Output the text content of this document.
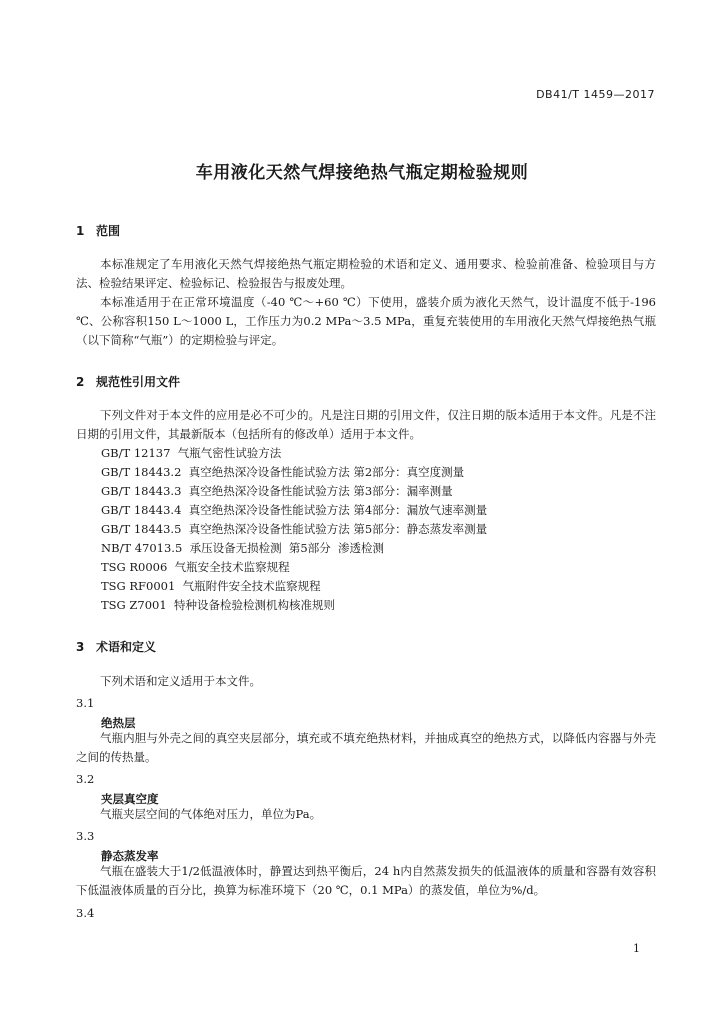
DB41/T 1459—2017
车用液化天然气焊接绝热气瓶定期检验规则
1 范围
本标准规定了车用液化天然气焊接绝热气瓶定期检验的术语和定义、通用要求、检验前准备、检验项目与方法、检验结果评定、检验标记、检验报告与报废处理。
本标准适用于在正常环境温度（-40 ℃～+60 ℃）下使用，盛装介质为液化天然气，设计温度不低于-196 ℃、公称容积150 L～1000 L，工作压力为0.2 MPa～3.5 MPa，重复充装使用的车用液化天然气焊接绝热气瓶（以下简称“气瓶”）的定期检验与评定。
2 规范性引用文件
下列文件对于本文件的应用是必不可少的。凡是注日期的引用文件，仅注日期的版本适用于本文件。凡是不注日期的引用文件，其最新版本（包括所有的修改单）适用于本文件。
GB/T 12137  气瓶气密性试验方法
GB/T 18443.2  真空绝热深冷设备性能试验方法 第2部分：真空度测量
GB/T 18443.3  真空绝热深冷设备性能试验方法 第3部分：漏率测量
GB/T 18443.4  真空绝热深冷设备性能试验方法 第4部分：漏放气速率测量
GB/T 18443.5  真空绝热深冷设备性能试验方法 第5部分：静态蒸发率测量
NB/T 47013.5  承压设备无损检测  第5部分  渗透检测
TSG R0006  气瓶安全技术监察规程
TSG RF0001  气瓶附件安全技术监察规程
TSG Z7001  特种设备检验检测机构核准规则
3 术语和定义
下列术语和定义适用于本文件。
3.1
绝热层
气瓶内胆与外壳之间的真空夹层部分，填充或不填充绝热材料，并抽成真空的绝热方式，以降低内容器与外壳之间的传热量。
3.2
夹层真空度
气瓶夹层空间的气体绝对压力，单位为Pa。
3.3
静态蒸发率
气瓶在盛装大于1/2低温液体时，静置达到热平衡后，24 h内自然蒸发损失的低温液体的质量和容器有效容积下低温液体质量的百分比，换算为标准环境下（20 ℃，0.1 MPa）的蒸发值，单位为%/d。
3.4
1
